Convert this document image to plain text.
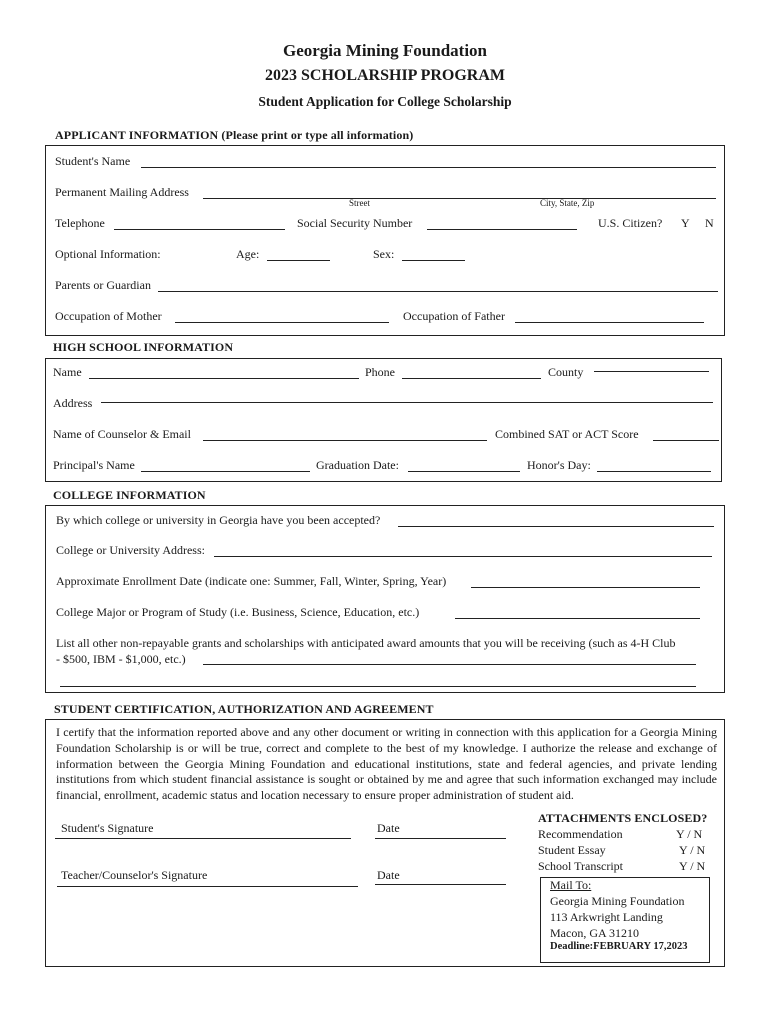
Georgia Mining Foundation
2023 SCHOLARSHIP PROGRAM
Student Application for College Scholarship
APPLICANT INFORMATION (Please print or type all information)
Student's Name
Permanent Mailing Address
Street	City, State, Zip
Telephone	Social Security Number	U.S. Citizen? Y N
Optional Information:	Age:	Sex:
Parents or Guardian
Occupation of Mother	Occupation of Father
HIGH SCHOOL INFORMATION
Name	Phone	County
Address
Name of Counselor & Email	Combined SAT or ACT Score
Principal's Name	Graduation Date:	Honor's Day:
COLLEGE INFORMATION
By which college or university in Georgia have you been accepted?
College or University Address:
Approximate Enrollment Date (indicate one: Summer, Fall, Winter, Spring, Year)
College Major or Program of Study (i.e. Business, Science, Education, etc.)
List all other non-repayable grants and scholarships with anticipated award amounts that you will be receiving (such as 4-H Club
- $500, IBM - $1,000, etc.)
STUDENT CERTIFICATION, AUTHORIZATION AND AGREEMENT
I certify that the information reported above and any other document or writing in connection with this application for a Georgia Mining Foundation Scholarship is or will be true, correct and complete to the best of my knowledge. I authorize the release and exchange of information between the Georgia Mining Foundation and educational institutions, state and federal agencies, and private lending institutions from which student financial assistance is sought or obtained by me and agree that such information exchanged may include financial, enrollment, academic status and location necessary to ensure proper administration of student aid.
Student's Signature	Date
Teacher/Counselor's Signature	Date
ATTACHMENTS ENCLOSED?
Recommendation	Y / N
Student Essay	Y / N
School Transcript	Y / N
Mail To:
Georgia Mining Foundation
113 Arkwright Landing
Macon, GA 31210
Deadline:FEBRUARY 17,2023
